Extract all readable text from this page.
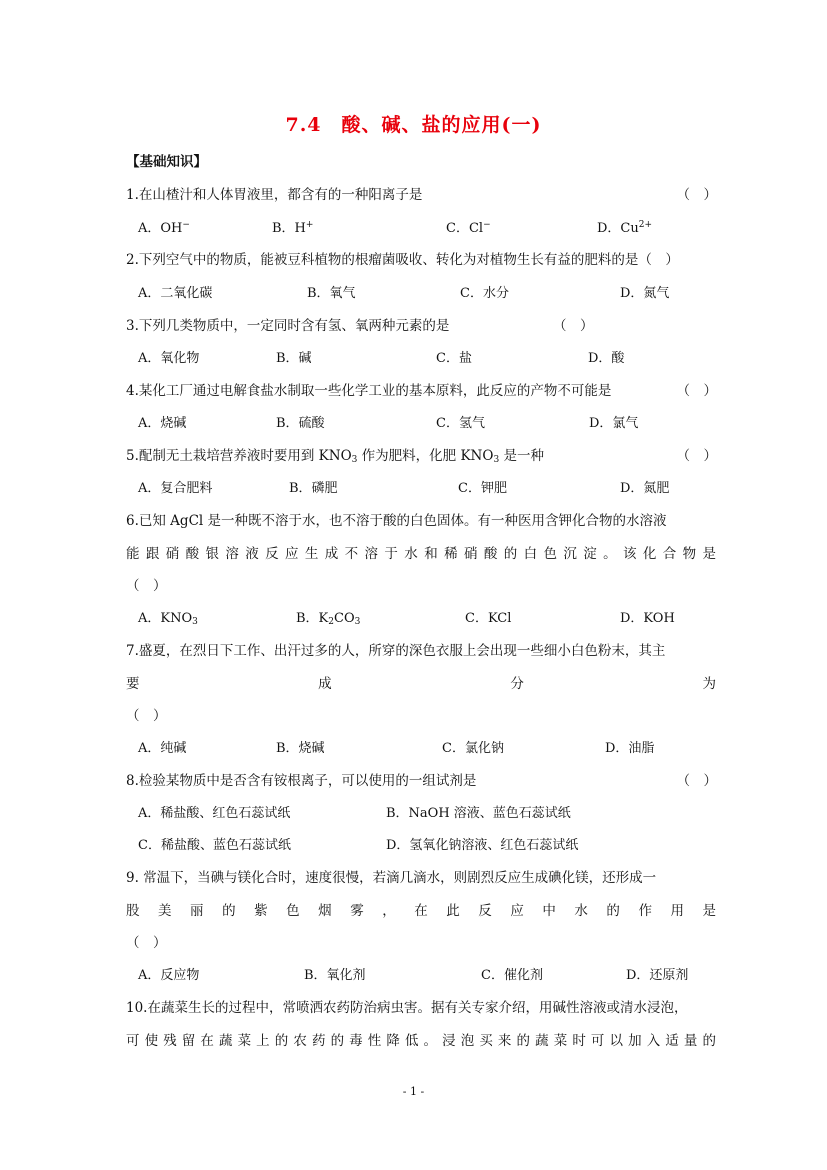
7.4　酸、碱、盐的应用(一)
【基础知识】
1.在山楂汁和人体胃液里，都含有的一种阳离子是	（　）
A．OH−	B．H+	C．Cl−	D．$Cu^{2+}$
2.下列空气中的物质，能被豆科植物的根瘤菌吸收、转化为对植物生长有益的肥料的是（　）
A．二氧化碳	B．氧气	C．水分	D．氮气
3.下列几类物质中，一定同时含有氢、氧两种元素的是	（　）
A．氧化物	B．碱	C．盐	D．酸
4.某化工厂通过电解食盐水制取一些化学工业的基本原料，此反应的产物不可能是	（　）
A．烧碱	B．硫酸	C．氢气	D．氯气
5.配制无土栽培营养液时要用到 $KNO_3$ 作为肥料，化肥 $KNO_3$ 是一种	（　）
A．复合肥料	B．磷肥	C．钾肥	D．氮肥
6.已知 AgCl 是一种既不溶于水，也不溶于酸的白色固体。有一种医用含钾化合物的水溶液
能跟硝酸银溶液反应生成不溶于水和稀硝酸的白色沉淀。该化合物是
（　）
A．$KNO_3$	B．$K_2CO_3$	C．KCl	D．KOH
7.盛夏，在烈日下工作、出汗过多的人，所穿的深色衣服上会出现一些细小白色粉末，其主
要　　　　　成　　　　　分　　　　　为
（　）
A．纯碱	B．烧碱	C．氯化钠	D．油脂
8.检验某物质中是否含有铵根离子，可以使用的一组试剂是	（　）
A．稀盐酸、红色石蕊试纸	B．NaOH 溶液、蓝色石蕊试纸
C．稀盐酸、蓝色石蕊试纸	D．氢氧化钠溶液、红色石蕊试纸
9. 常温下，当碘与镁化合时，速度很慢，若滴几滴水，则剧烈反应生成碘化镁，还形成一
股美丽的紫色烟雾，在此反应中水的作用是
（　）
A．反应物	B．氧化剂	C．催化剂	D．还原剂
10.在蔬菜生长的过程中，常喷洒农药防治病虫害。据有关专家介绍，用碱性溶液或清水浸泡，
可使残留在蔬菜上的农药的毒性降低。浸泡买来的蔬菜时可以加入适量的
- 1 -
